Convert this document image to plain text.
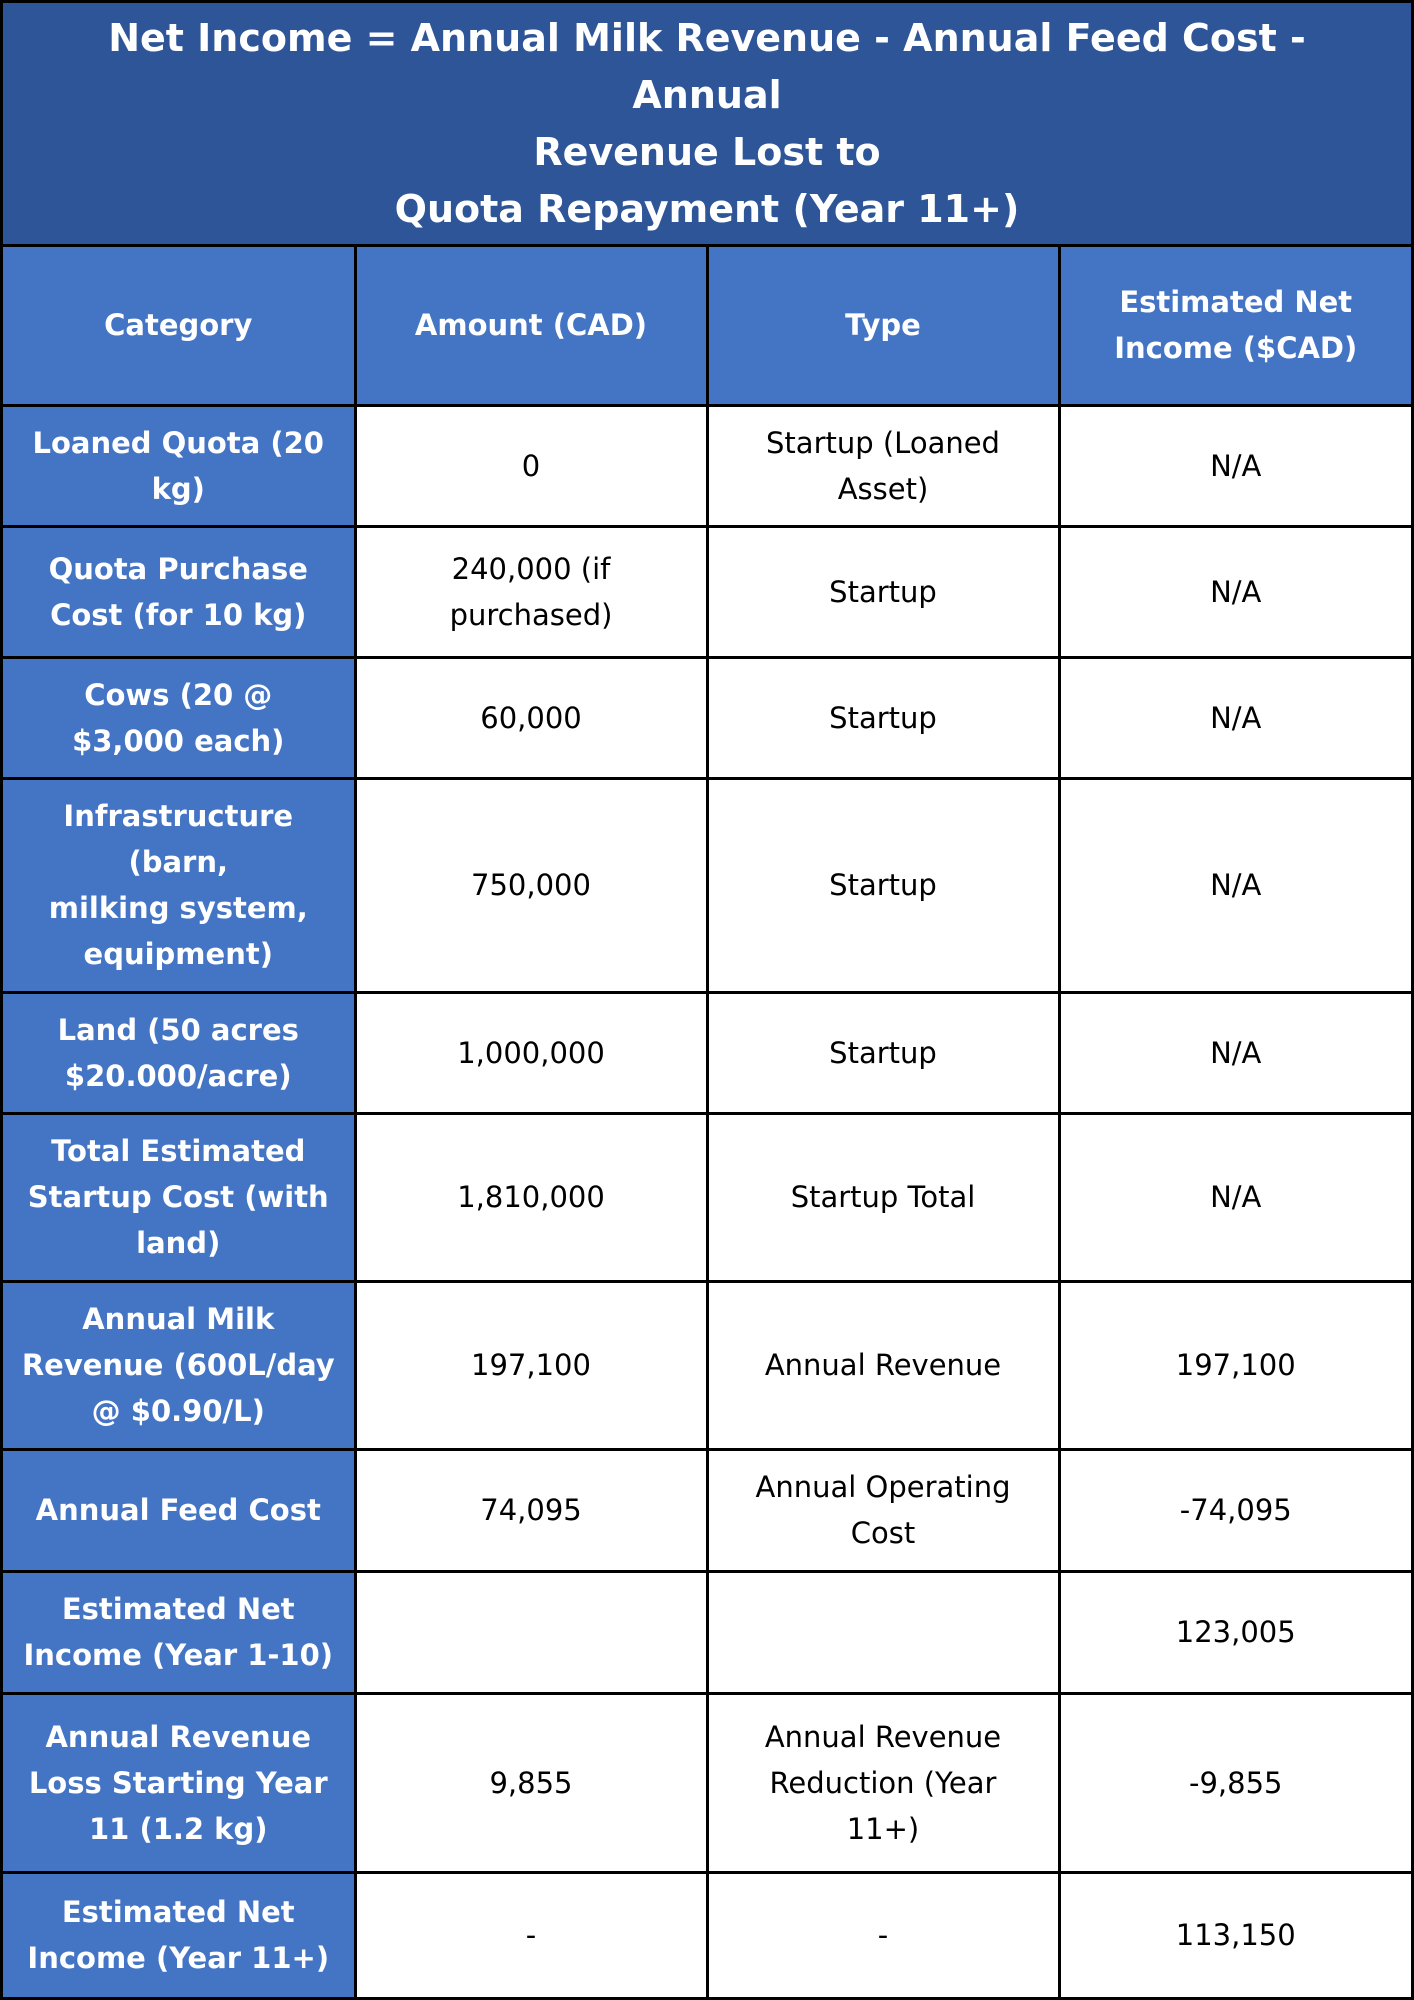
Net Income = Annual Milk Revenue - Annual Feed Cost - Annual
Revenue Lost to
Quota Repayment (Year 11+)
Category	Amount (CAD)	Type	Estimated Net
Income ($CAD)
Loaned Quota (20
kg)	0	Startup (Loaned
Asset)	N/A
Quota Purchase
Cost (for 10 kg)	240,000 (if
purchased)	Startup	N/A
Cows (20 @
$3,000 each)	60,000	Startup	N/A
Infrastructure
(barn,
milking system,
equipment)	750,000	Startup	N/A
Land (50 acres
$20.000/acre)	1,000,000	Startup	N/A
Total Estimated
Startup Cost (with
land)	1,810,000	Startup Total	N/A
Annual Milk
Revenue (600L/day
@ $0.90/L)	197,100	Annual Revenue	197,100
Annual Feed Cost	74,095	Annual Operating
Cost	-74,095
Estimated Net
Income (Year 1-10)			123,005
Annual Revenue
Loss Starting Year
11 (1.2 kg)	9,855	Annual Revenue
Reduction (Year
11+)	-9,855
Estimated Net
Income (Year 11+)	-	-	113,150
